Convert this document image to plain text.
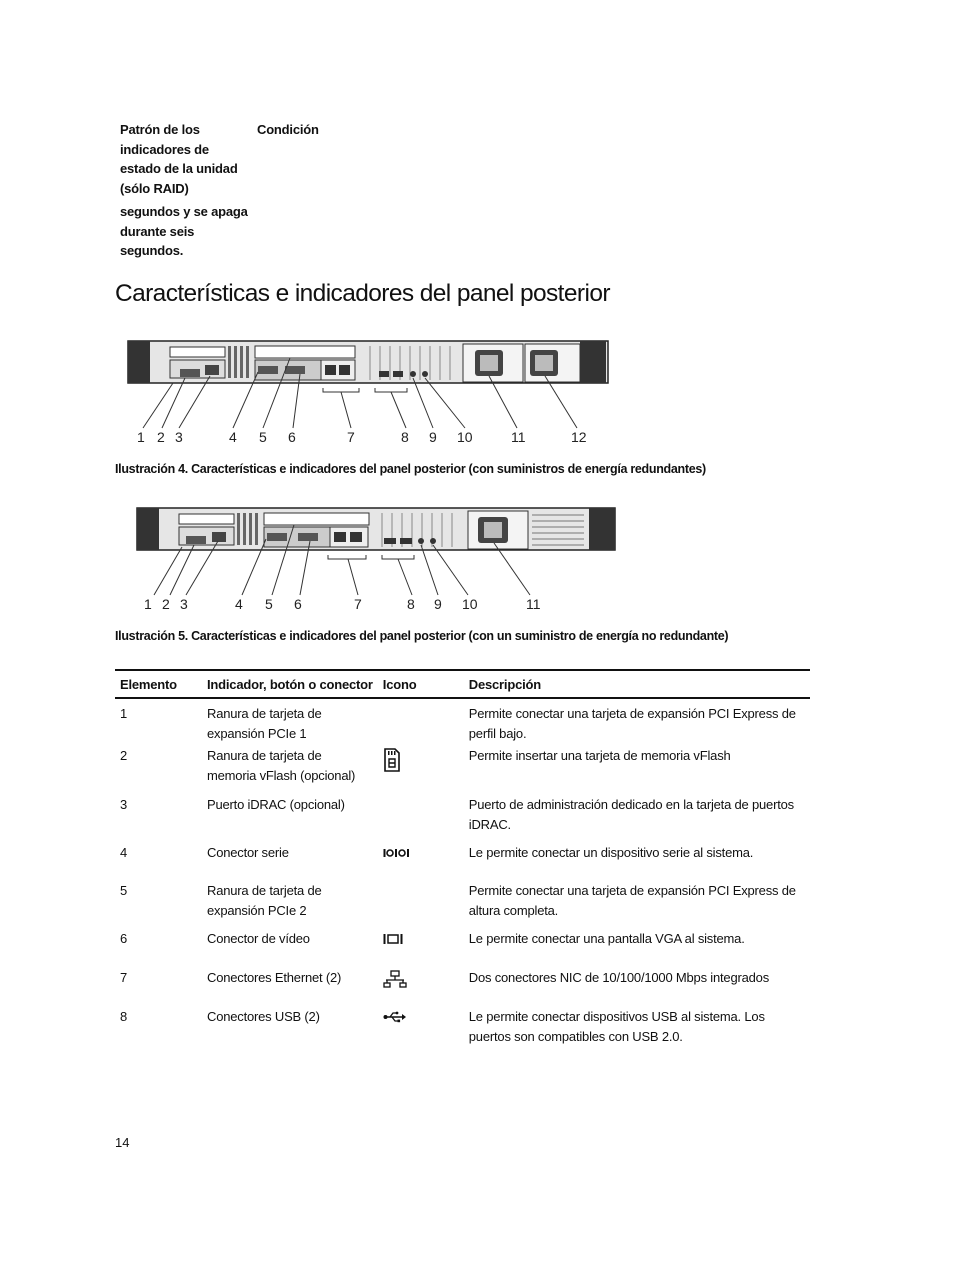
Patrón de los indicadores de estado de la unidad (sólo RAID)
Condición
segundos y se apaga durante seis segundos.
Características e indicadores del panel posterior
1 2 3	4 5 6	7	8 9 10	11	12
Ilustración 4. Características e indicadores del panel posterior (con suministros de energía redundantes)
1 2 3	4 5 6	7	8 9 10	11
Ilustración 5. Características e indicadores del panel posterior (con un suministro de energía no redundante)
Elemento	Indicador, botón o conector	Icono	Descripción
1	Ranura de tarjeta de expansión PCIe 1		Permite conectar una tarjeta de expansión PCI Express de perfil bajo.
2	Ranura de tarjeta de memoria vFlash (opcional)		Permite insertar una tarjeta de memoria vFlash
3	Puerto iDRAC (opcional)		Puerto de administración dedicado en la tarjeta de puertos iDRAC.
4	Conector serie		Le permite conectar un dispositivo serie al sistema.
5	Ranura de tarjeta de expansión PCIe 2		Permite conectar una tarjeta de expansión PCI Express de altura completa.
6	Conector de vídeo		Le permite conectar una pantalla VGA al sistema.
7	Conectores Ethernet (2)		Dos conectores NIC de 10/100/1000 Mbps integrados
8	Conectores USB (2)		Le permite conectar dispositivos USB al sistema. Los puertos son compatibles con USB 2.0.
14
